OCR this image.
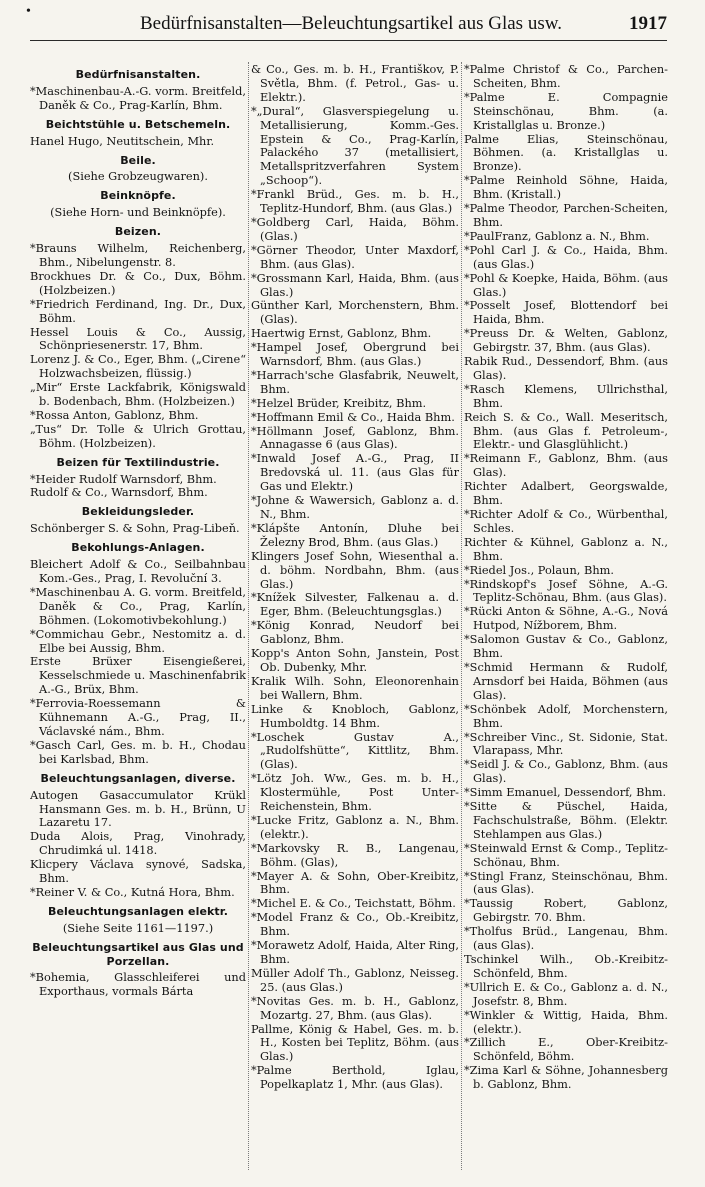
•
Bedürfnisanstalten—Beleuchtungsartikel aus Glas usw.	1917

Bedürfnisanstalten.

*Maschinenbau-A.-G. vorm. Breitfeld, Daněk & Co., Prag-Karlín, Bhm.

Beichtstühle u. Betschemeln.

Hanel Hugo, Neutitschein, Mhr.

Beile.

(Siehe Grobzeugwaren).

Beinknöpfe.

(Siehe Horn- und Beinknöpfe).

Beizen.

*Brauns Wilhelm, Reichenberg, Bhm., Nibelungenstr. 8.

Brockhues Dr. & Co., Dux, Böhm. (Holzbeizen.)

*Friedrich Ferdinand, Ing. Dr., Dux, Böhm.

Hessel Louis & Co., Aussig, Schönpriesenerstr. 17, Bhm.

Lorenz J. & Co., Eger, Bhm. („Cirene“ Holzwachsbeizen, flüssig.)

„Mir“ Erste Lackfabrik, Königswald b. Bodenbach, Bhm. (Holzbeizen.)

*Rossa Anton, Gablonz, Bhm.

„Tus“ Dr. Tolle & Ulrich Grottau, Böhm. (Holzbeizen).

Beizen für Textilindustrie.

*Heider Rudolf Warnsdorf, Bhm.

Rudolf & Co., Warnsdorf, Bhm.

Bekleidungsleder.

Schönberger S. & Sohn, Prag-Libeň.

Bekohlungs-Anlagen.

Bleichert Adolf & Co., Seilbahnbau Kom.-Ges., Prag, I. Revoluční 3.

*Maschinenbau A. G. vorm. Breitfeld, Daněk & Co., Prag, Karlín, Böhmen. (Lokomotivbekohlung.)

*Commichau Gebr., Nestomitz a. d. Elbe bei Aussig, Bhm.

Erste Brüxer Eisengießerei, Kesselschmiede u. Maschinenfabrik A.-G., Brüx, Bhm.

*Ferrovia-Roessemann & Kühnemann A.-G., Prag, II., Václavské nám., Bhm.

*Gasch Carl, Ges. m. b. H., Chodau bei Karlsbad, Bhm.

Beleuchtungsanlagen, diverse.

Autogen Gasaccumulator Krükl Hansmann Ges. m. b. H., Brünn, U Lazaretu 17.

Duda Alois, Prag, Vinohrady, Chrudimká ul. 1418.

Klicpery Václava synové, Sadska, Bhm.

*Reiner V. & Co., Kutná Hora, Bhm.

Beleuchtungsanlagen elektr.

(Siehe Seite 1161—1197.)

Beleuchtungsartikel aus Glas und Porzellan.

*Bohemia, Glasschleiferei und Exporthaus, vormals Bárta

& Co., Ges. m. b. H., Františkov, P. Světla, Bhm. (f. Petrol., Gas- u. Elektr.).

*„Dural“, Glasverspiegelung u. Metallisierung, Komm.-Ges. Epstein & Co., Prag-Karlín, Palackého 37 (metallisiert, Metallspritzverfahren System „Schoop“).

*Frankl Brüd., Ges. m. b. H., Teplitz-Hundorf, Bhm. (aus Glas.)

*Goldberg Carl, Haida, Böhm. (Glas.)

*Görner Theodor, Unter Maxdorf, Bhm. (aus Glas).

*Grossmann Karl, Haida, Bhm. (aus Glas.)

Günther Karl, Morchenstern, Bhm. (Glas).

Haertwig Ernst, Gablonz, Bhm.

*Hampel Josef, Obergrund bei Warnsdorf, Bhm. (aus Glas.)

*Harrach'sche Glasfabrik, Neuwelt, Bhm.

*Helzel Brüder, Kreibitz, Bhm.

*Hoffmann Emil & Co., Haida Bhm.

*Höllmann Josef, Gablonz, Bhm. Annagasse 6 (aus Glas).

*Inwald Josef A.-G., Prag, II Bredovská ul. 11. (aus Glas für Gas und Elektr.)

*Johne & Wawersich, Gablonz a. d. N., Bhm.

*Klápšte Antonín, Dluhe bei Železny Brod, Bhm. (aus Glas.)

Klingers Josef Sohn, Wiesenthal a. d. böhm. Nordbahn, Bhm. (aus Glas.)

*Knížek Silvester, Falkenau a. d. Eger, Bhm. (Beleuchtungsglas.)

*König Konrad, Neudorf bei Gablonz, Bhm.

Kopp's Anton Sohn, Janstein, Post Ob. Dubenky, Mhr.

Kralik Wilh. Sohn, Eleonorenhain bei Wallern, Bhm.

Linke & Knobloch, Gablonz, Humboldtg. 14 Bhm.

*Loschek Gustav A., „Rudolfshütte“, Kittlitz, Bhm. (Glas).

*Lötz Joh. Ww., Ges. m. b. H., Klostermühle, Post Unter-Reichenstein, Bhm.

*Lucke Fritz, Gablonz a. N., Bhm. (elektr.).

*Markovsky R. B., Langenau, Böhm. (Glas),

*Mayer A. & Sohn, Ober-Kreibitz, Bhm.

*Michel E. & Co., Teichstatt, Böhm.

*Model Franz & Co., Ob.-Kreibitz, Bhm.

*Morawetz Adolf, Haida, Alter Ring, Bhm.

Müller Adolf Th., Gablonz, Neisseg. 25. (aus Glas.)

*Novitas Ges. m. b. H., Gablonz, Mozartg. 27, Bhm. (aus Glas).

Pallme, König & Habel, Ges. m. b. H., Kosten bei Teplitz, Böhm. (aus Glas.)

*Palme Berthold, Iglau, Popelkaplatz 1, Mhr. (aus Glas).

*Palme Christof & Co., Parchen-Scheiten, Bhm.

*Palme E. Compagnie Steinschönau, Bhm. (a. Kristallglas u. Bronze.)

Palme Elias, Steinschönau, Böhmen. (a. Kristallglas u. Bronze).

*Palme Reinhold Söhne, Haida, Bhm. (Kristall.)

*Palme Theodor, Parchen-Scheiten, Bhm.

*PaulFranz, Gablonz a. N., Bhm.

*Pohl Carl J. & Co., Haida, Bhm. (aus Glas.)

*Pohl & Koepke, Haida, Böhm. (aus Glas.)

*Posselt Josef, Blottendorf bei Haida, Bhm.

*Preuss Dr. & Welten, Gablonz, Gebirgstr. 37, Bhm. (aus Glas).

Rabik Rud., Dessendorf, Bhm. (aus Glas).

*Rasch Klemens, Ullrichsthal, Bhm.

Reich S. & Co., Wall. Meseritsch, Bhm. (aus Glas f. Petroleum-, Elektr.- und Glasglühlicht.)

*Reimann F., Gablonz, Bhm. (aus Glas).

Richter Adalbert, Georgswalde, Bhm.

*Richter Adolf & Co., Würbenthal, Schles.

Richter & Kühnel, Gablonz a. N., Bhm.

*Riedel Jos., Polaun, Bhm.

*Rindskopf's Josef Söhne, A.-G. Teplitz-Schönau, Bhm. (aus Glas).

*Rücki Anton & Söhne, A.-G., Nová Hutpod, Nížborem, Bhm.

*Salomon Gustav & Co., Gablonz, Bhm.

*Schmid Hermann & Rudolf, Arnsdorf bei Haida, Böhmen (aus Glas).

*Schönbek Adolf, Morchenstern, Bhm.

*Schreiber Vinc., St. Sidonie, Stat. Vlarapass, Mhr.

*Seidl J. & Co., Gablonz, Bhm. (aus Glas).

*Simm Emanuel, Dessendorf, Bhm.

*Sitte & Püschel, Haida, Fachschulstraße, Böhm. (Elektr. Stehlampen aus Glas.)

*Steinwald Ernst & Comp., Teplitz-Schönau, Bhm.

*Stingl Franz, Steinschönau, Bhm. (aus Glas).

*Taussig Robert, Gablonz, Gebirgstr. 70. Bhm.

*Tholfus Brüd., Langenau, Bhm. (aus Glas).

Tschinkel Wilh., Ob.-Kreibitz-Schönfeld, Bhm.

*Ullrich E. & Co., Gablonz a. d. N., Josefstr. 8, Bhm.

*Winkler & Wittig, Haida, Bhm. (elektr.).

*Zillich E., Ober-Kreibitz-Schönfeld, Böhm.

*Zima Karl & Söhne, Johannesberg b. Gablonz, Bhm.
